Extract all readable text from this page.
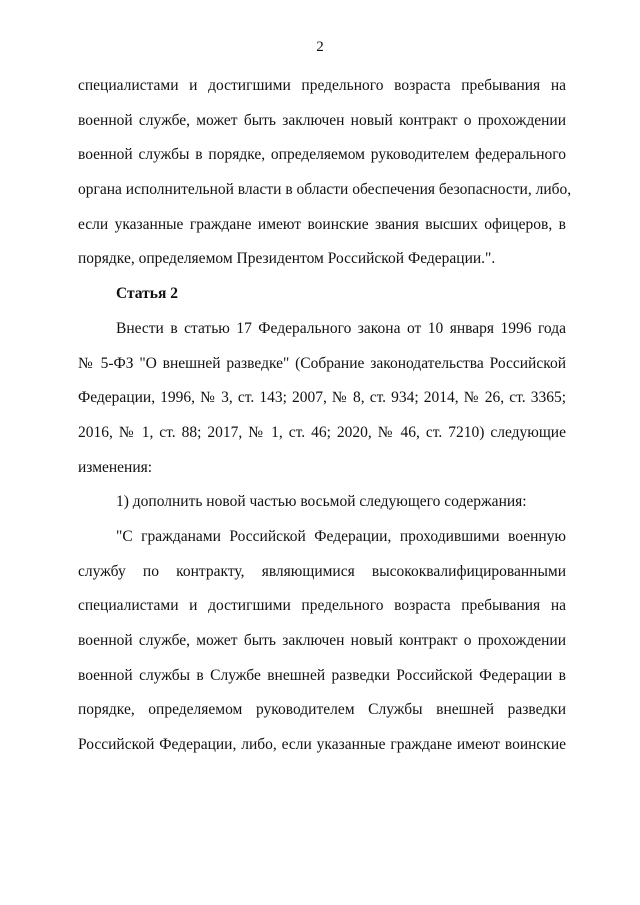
2
специалистами и достигшими предельного возраста пребывания на
военной службе, может быть заключен новый контракт о прохождении
военной службы в порядке, определяемом руководителем федерального
органа исполнительной власти в области обеспечения безопасности, либо,
если указанные граждане имеют воинские звания высших офицеров, в
порядке, определяемом Президентом Российской Федерации.".
Статья 2
Внести в статью 17 Федерального закона от 10 января 1996 года
№ 5-ФЗ "О внешней разведке" (Собрание законодательства Российской
Федерации, 1996, № 3, ст. 143; 2007, № 8, ст. 934; 2014, № 26, ст. 3365;
2016, № 1, ст. 88; 2017, № 1, ст. 46; 2020, № 46, ст. 7210) следующие
изменения:
1) дополнить новой частью восьмой следующего содержания:
"С гражданами Российской Федерации, проходившими военную
службу по контракту, являющимися высококвалифицированными
специалистами и достигшими предельного возраста пребывания на
военной службе, может быть заключен новый контракт о прохождении
военной службы в Службе внешней разведки Российской Федерации в
порядке, определяемом руководителем Службы внешней разведки
Российской Федерации, либо, если указанные граждане имеют воинские
